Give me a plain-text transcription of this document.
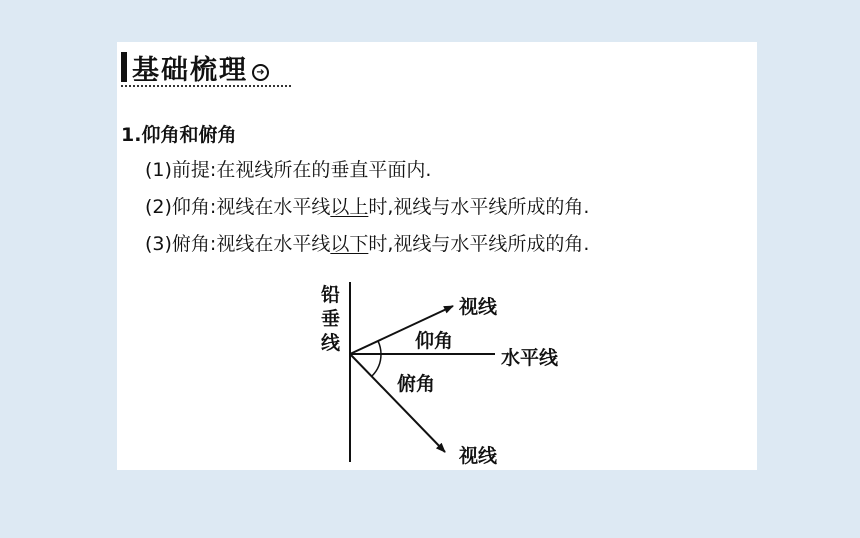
基础梳理 ➜
1.仰角和俯角
(1)前提:在视线所在的垂直平面内.
(2)仰角:视线在水平线以上时,视线与水平线所成的角.
(3)俯角:视线在水平线以下时,视线与水平线所成的角.
铅
垂
线
视线
仰角
水平线
俯角
视线
